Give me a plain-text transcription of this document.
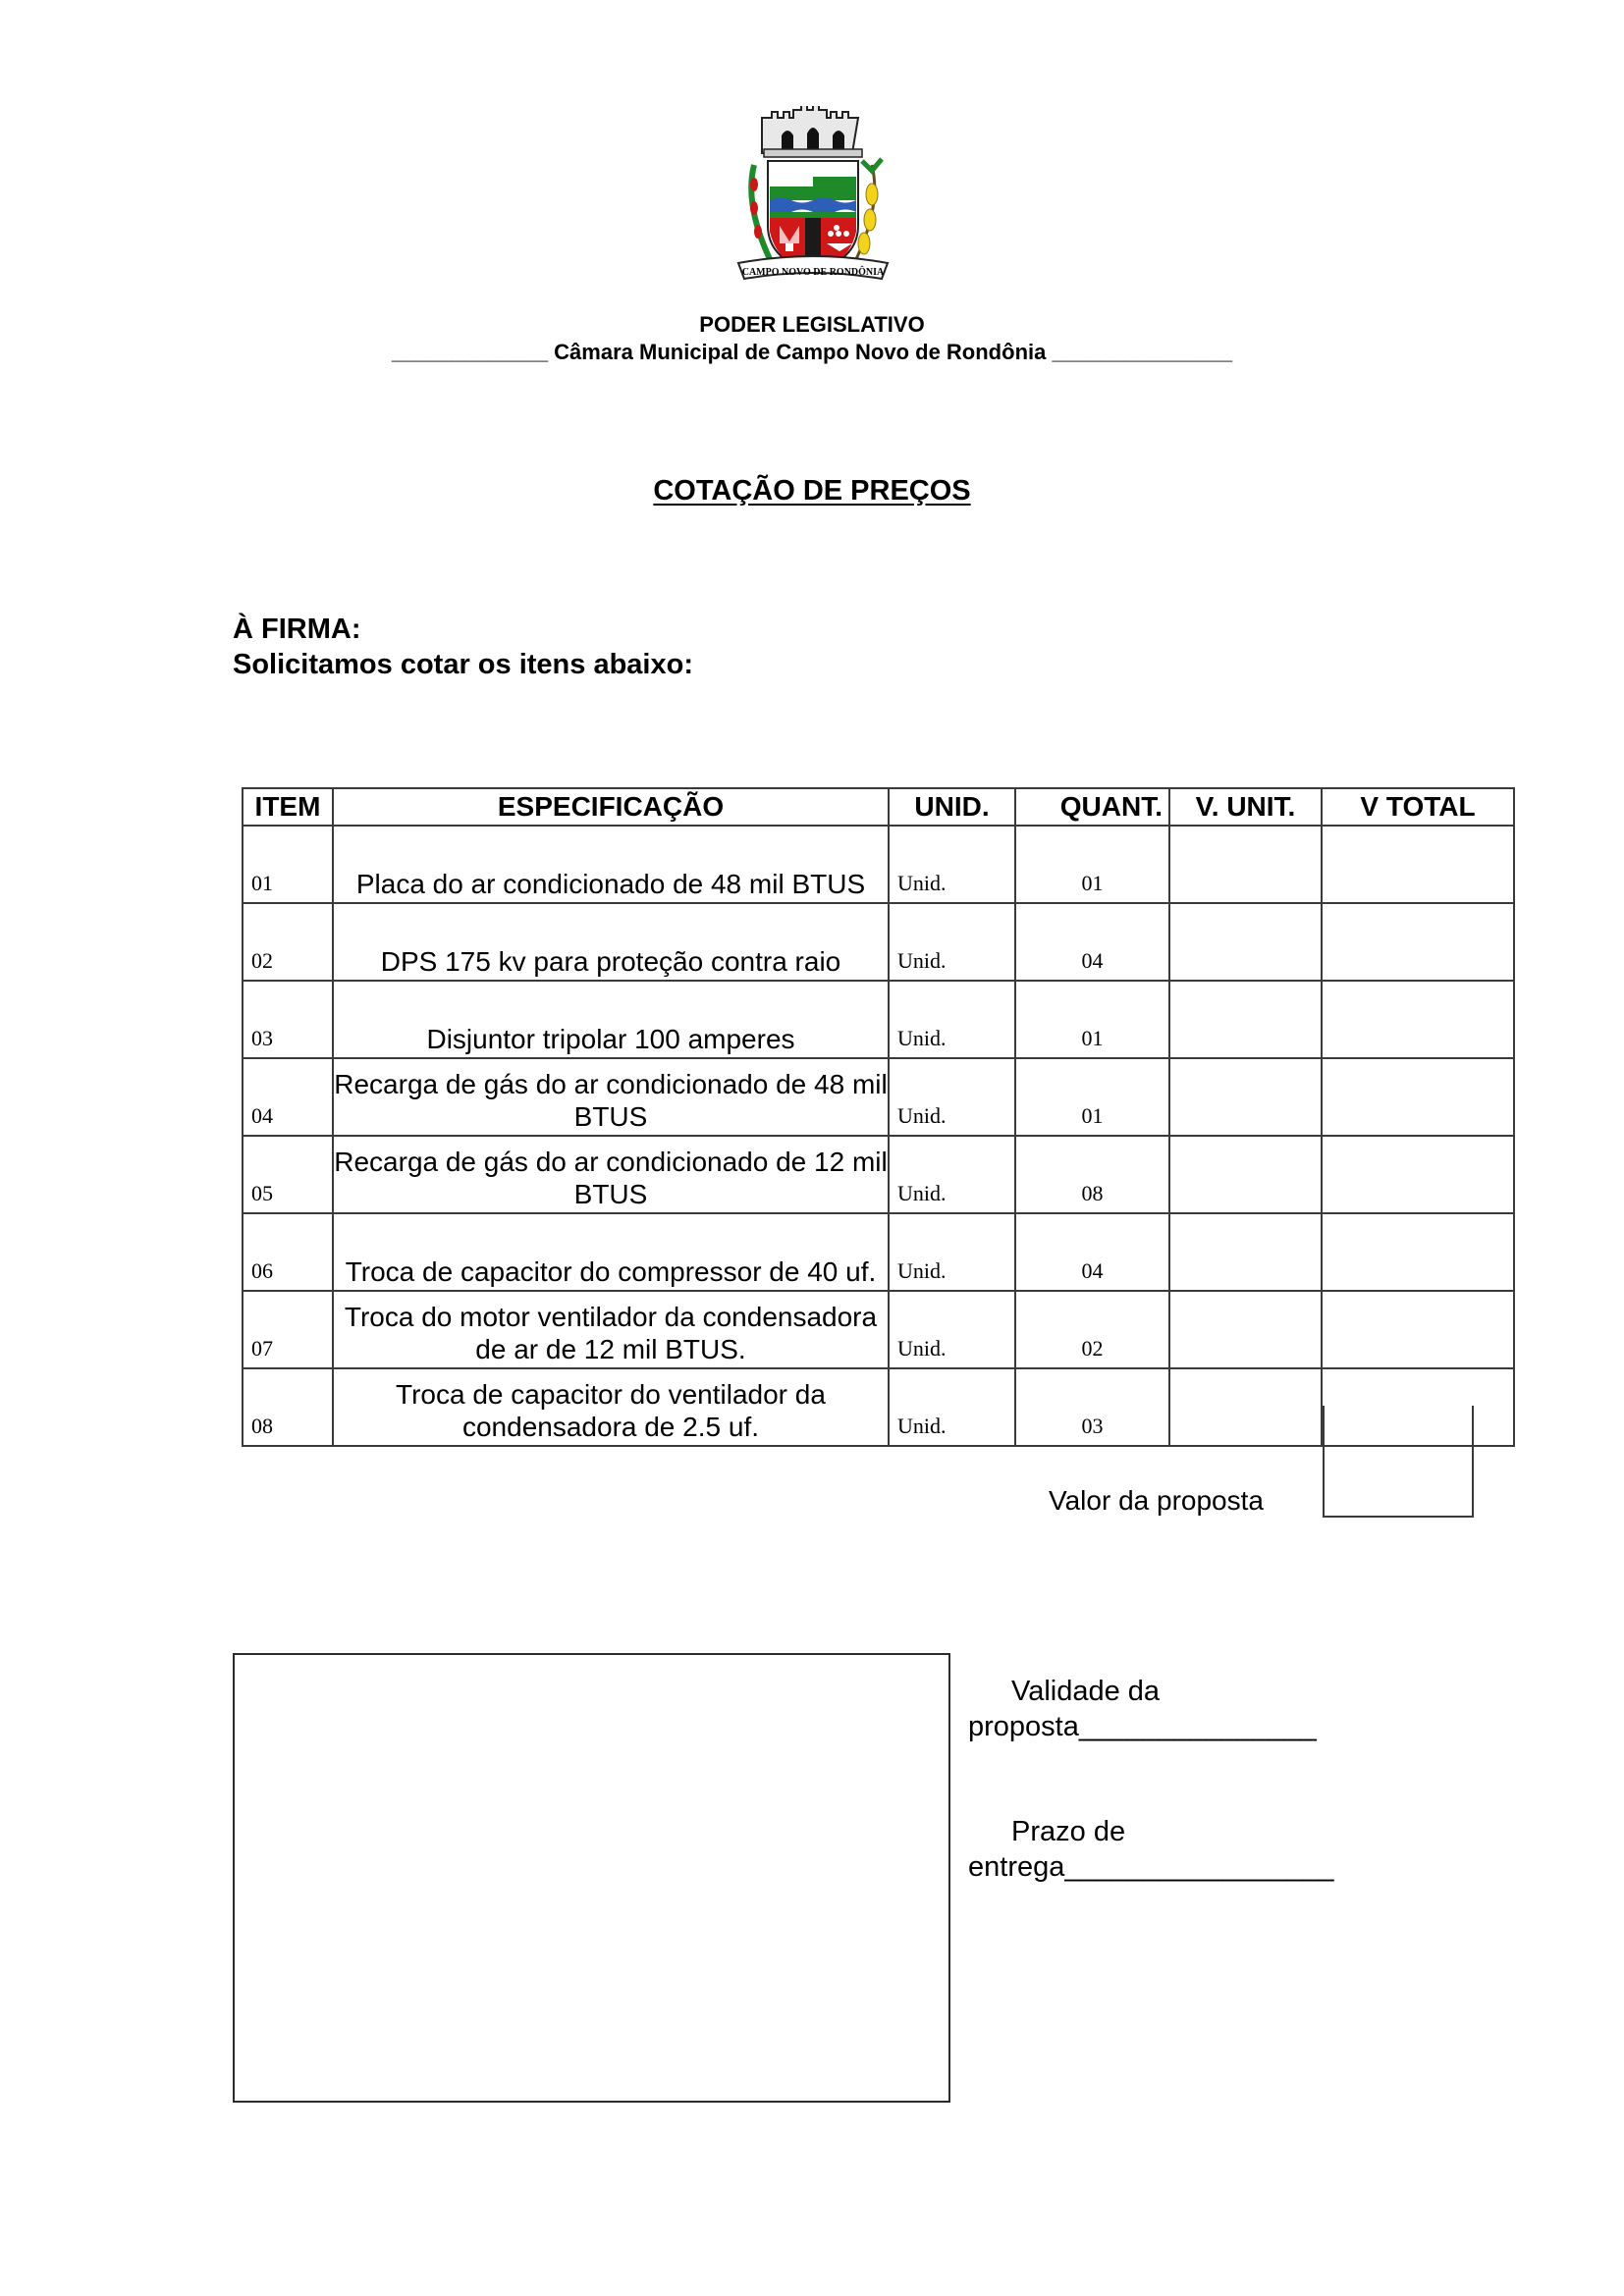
CAMPO NOVO DE RONDÔNIA
PODER LEGISLATIVO
_____________ Câmara Municipal de Campo Novo de Rondônia _______________
COTAÇÃO DE PREÇOS
À FIRMA:
Solicitamos cotar os itens abaixo:
ITEM	ESPECIFICAÇÃO	UNID.	QUANT.	V. UNIT.	V TOTAL
01	Placa do ar condicionado de 48 mil BTUS	Unid.	01		
02	DPS 175 kv para proteção contra raio	Unid.	04		
03	Disjuntor tripolar 100 amperes	Unid.	01		
04	Recarga de gás do ar condicionado de 48 mil BTUS	Unid.	01		
05	Recarga de gás do ar condicionado de 12 mil BTUS	Unid.	08		
06	Troca de capacitor do compressor de 40 uf.	Unid.	04		
07	Troca do motor ventilador da condensadora de ar de 12 mil BTUS.	Unid.	02		
08	Troca de capacitor do ventilador da condensadora de 2.5 uf.	Unid.	03		
Valor da proposta
Validade da
proposta_______________
Prazo de
entrega_________________
